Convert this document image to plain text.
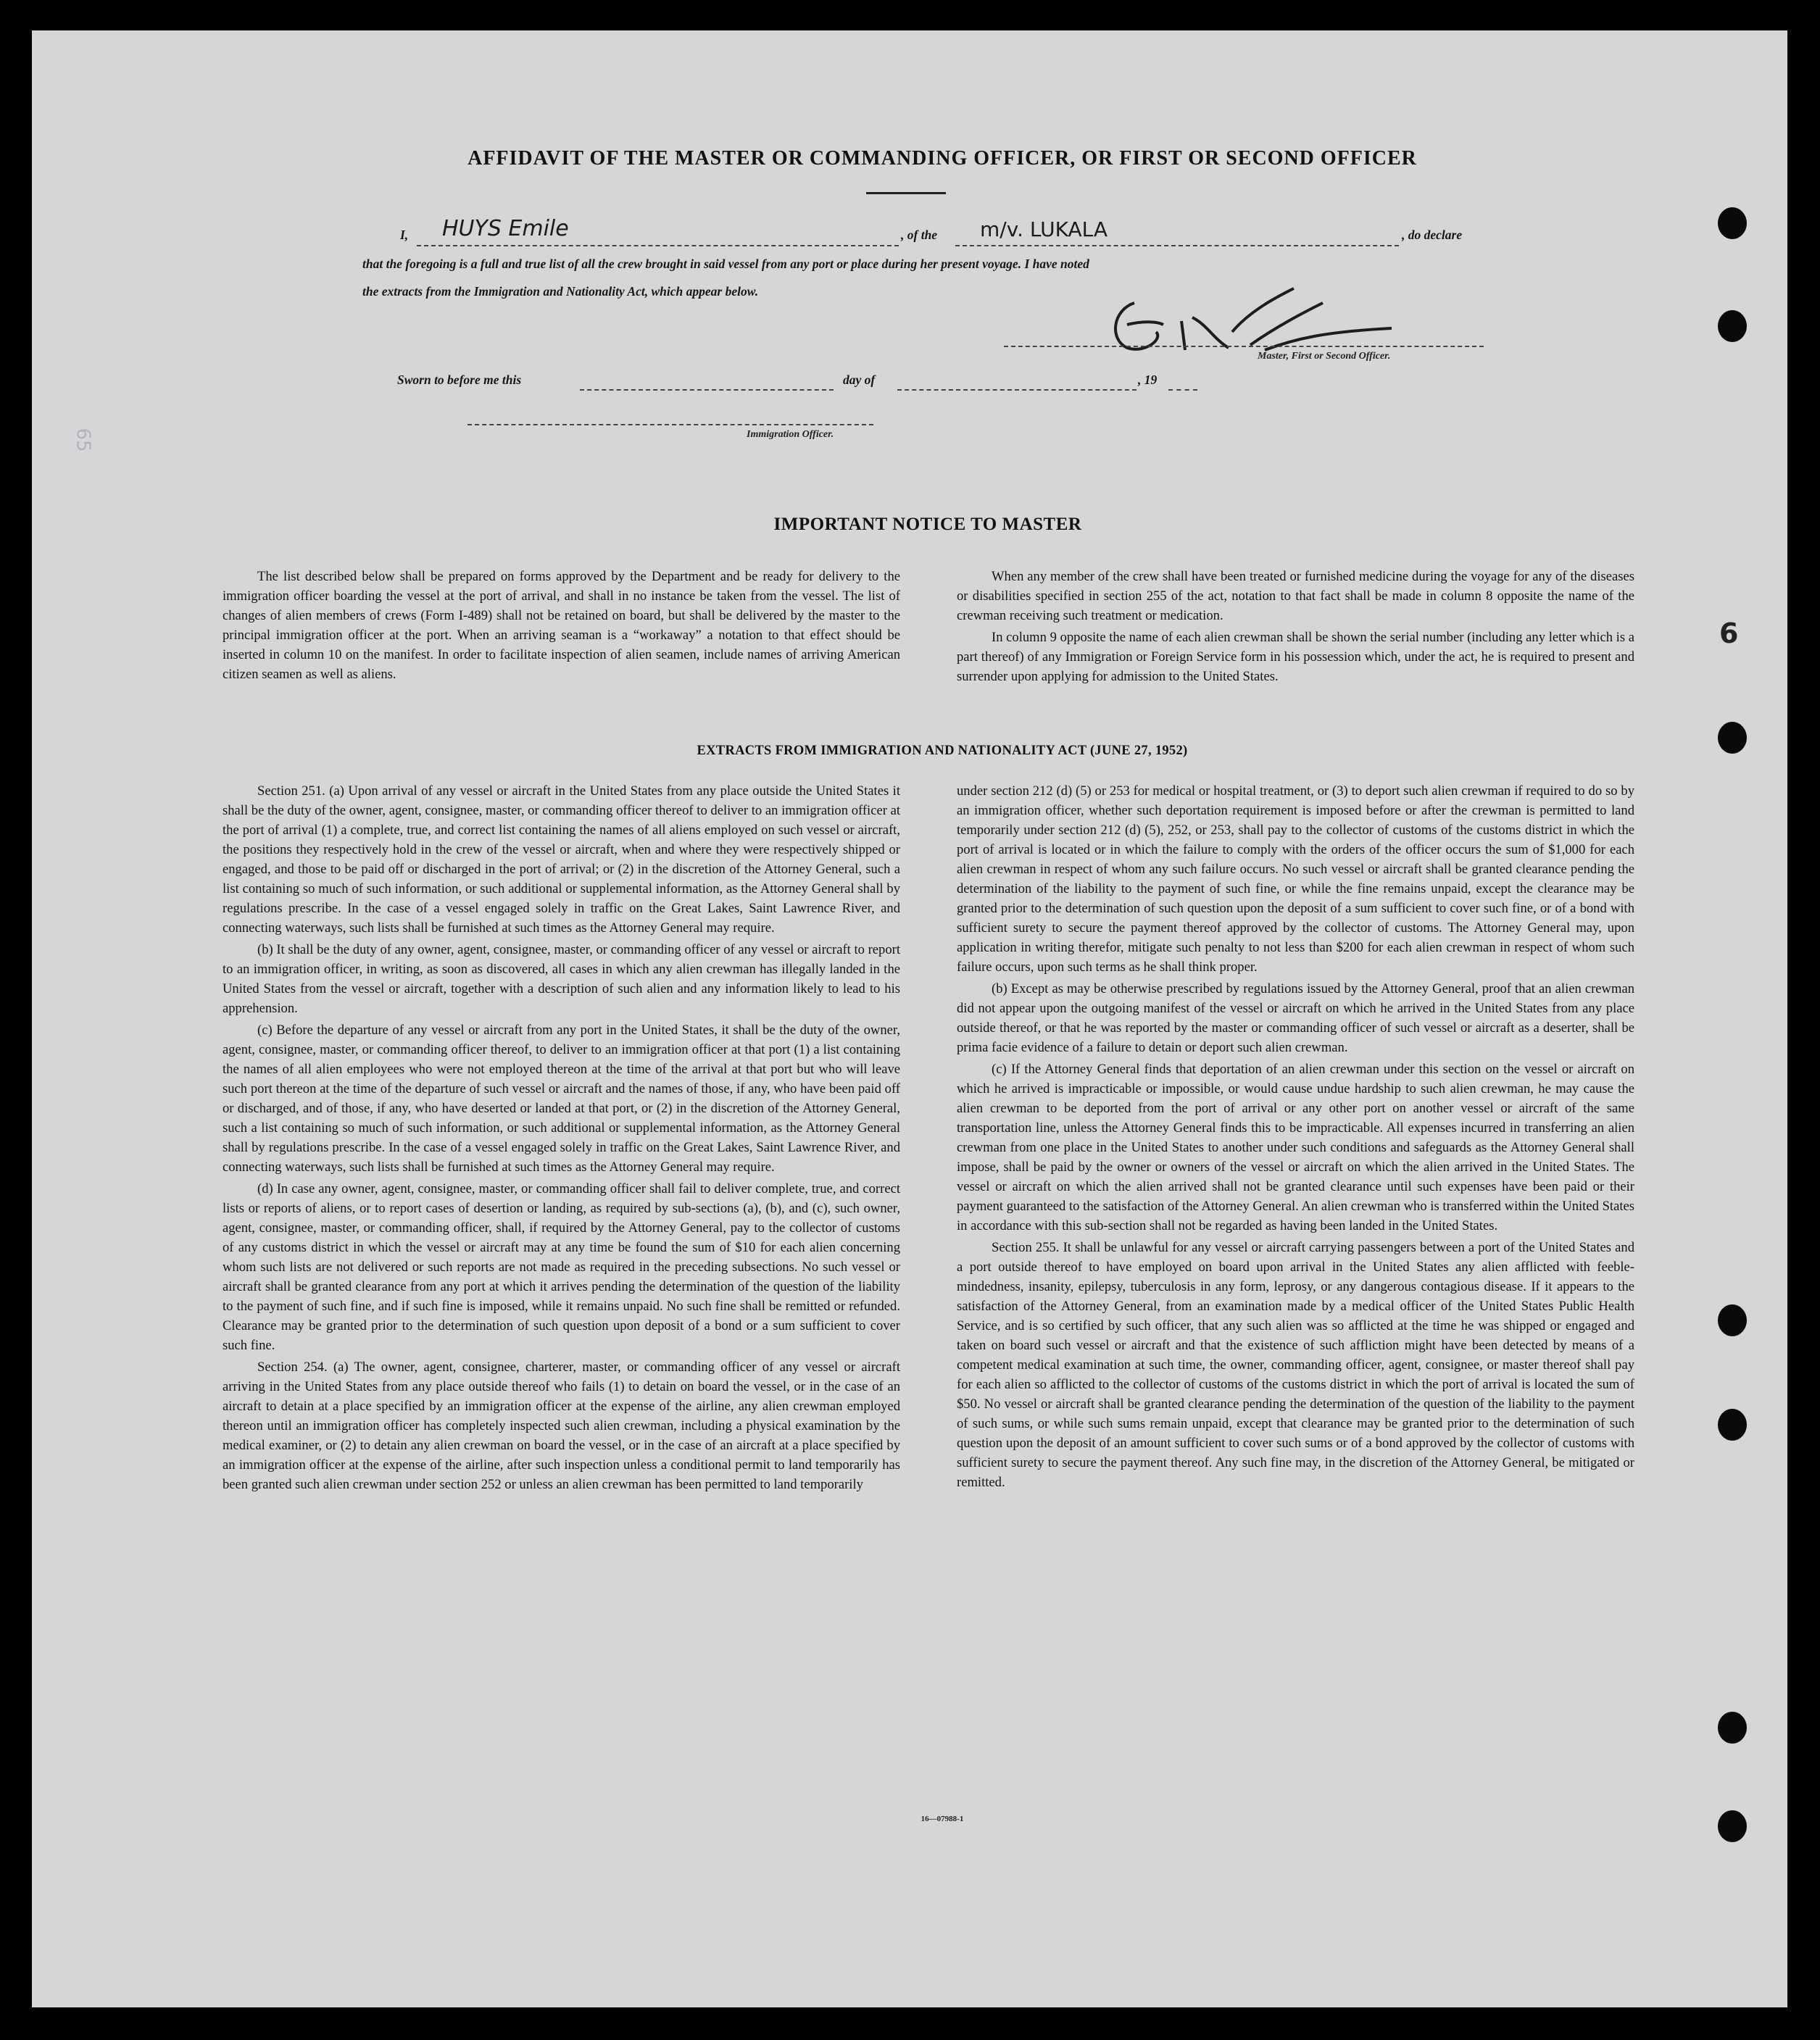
65
6
AFFIDAVIT OF THE MASTER OR COMMANDING OFFICER, OR FIRST OR SECOND OFFICER
I, HUYS Emile	, of the m/v. LUKALA	, do declare
that the foregoing is a full and true list of all the crew brought in said vessel from any port or place during her present voyage. I have noted
the extracts from the Immigration and Nationality Act, which appear below.
EH
Master, First or Second Officer.
Sworn to before me this	day of	, 19
Immigration Officer.
IMPORTANT NOTICE TO MASTER

The list described below shall be prepared on forms approved by the Department and be ready for delivery to the immigration officer boarding the vessel at the port of arrival, and shall in no instance be taken from the vessel. The list of changes of alien members of crews (Form I-489) shall not be retained on board, but shall be delivered by the master to the principal immigration officer at the port. When an arriving seaman is a “workaway” a notation to that effect should be inserted in column 10 on the manifest. In order to facilitate inspection of alien seamen, include names of arriving American citizen seamen as well as aliens.

When any member of the crew shall have been treated or furnished medicine during the voyage for any of the diseases or disabilities specified in section 255 of the act, notation to that fact shall be made in column 8 opposite the name of the crewman receiving such treatment or medication.

In column 9 opposite the name of each alien crewman shall be shown the serial number (including any letter which is a part thereof) of any Immigration or Foreign Service form in his possession which, under the act, he is required to present and surrender upon applying for admission to the United States.

EXTRACTS FROM IMMIGRATION AND NATIONALITY ACT (JUNE 27, 1952)

Section 251. (a) Upon arrival of any vessel or aircraft in the United States from any place outside the United States it shall be the duty of the owner, agent, consignee, master, or commanding officer thereof to deliver to an immigration officer at the port of arrival (1) a complete, true, and correct list containing the names of all aliens employed on such vessel or aircraft, the positions they respectively hold in the crew of the vessel or aircraft, when and where they were respectively shipped or engaged, and those to be paid off or discharged in the port of arrival; or (2) in the discretion of the Attorney General, such a list containing so much of such information, or such additional or supplemental information, as the Attorney General shall by regulations prescribe. In the case of a vessel engaged solely in traffic on the Great Lakes, Saint Lawrence River, and connecting waterways, such lists shall be furnished at such times as the Attorney General may require.

(b) It shall be the duty of any owner, agent, consignee, master, or commanding officer of any vessel or aircraft to report to an immigration officer, in writing, as soon as discovered, all cases in which any alien crewman has illegally landed in the United States from the vessel or aircraft, together with a description of such alien and any information likely to lead to his apprehension.

(c) Before the departure of any vessel or aircraft from any port in the United States, it shall be the duty of the owner, agent, consignee, master, or commanding officer thereof, to deliver to an immigration officer at that port (1) a list containing the names of all alien employees who were not employed thereon at the time of the arrival at that port but who will leave such port thereon at the time of the departure of such vessel or aircraft and the names of those, if any, who have been paid off or discharged, and of those, if any, who have deserted or landed at that port, or (2) in the discretion of the Attorney General, such a list containing so much of such information, or such additional or supplemental information, as the Attorney General shall by regulations prescribe. In the case of a vessel engaged solely in traffic on the Great Lakes, Saint Lawrence River, and connecting waterways, such lists shall be furnished at such times as the Attorney General may require.

(d) In case any owner, agent, consignee, master, or commanding officer shall fail to deliver complete, true, and correct lists or reports of aliens, or to report cases of desertion or landing, as required by sub-sections (a), (b), and (c), such owner, agent, consignee, master, or commanding officer, shall, if required by the Attorney General, pay to the collector of customs of any customs district in which the vessel or aircraft may at any time be found the sum of $10 for each alien concerning whom such lists are not delivered or such reports are not made as required in the preceding subsections. No such vessel or aircraft shall be granted clearance from any port at which it arrives pending the determination of the question of the liability to the payment of such fine, and if such fine is imposed, while it remains unpaid. No such fine shall be remitted or refunded. Clearance may be granted prior to the determination of such question upon deposit of a bond or a sum sufficient to cover such fine.

Section 254. (a) The owner, agent, consignee, charterer, master, or commanding officer of any vessel or aircraft arriving in the United States from any place outside thereof who fails (1) to detain on board the vessel, or in the case of an aircraft to detain at a place specified by an immigration officer at the expense of the airline, any alien crewman employed thereon until an immigration officer has completely inspected such alien crewman, including a physical examination by the medical examiner, or (2) to detain any alien crewman on board the vessel, or in the case of an aircraft at a place specified by an immigration officer at the expense of the airline, after such inspection unless a conditional permit to land temporarily has been granted such alien crewman under section 252 or unless an alien crewman has been permitted to land temporarily

under section 212 (d) (5) or 253 for medical or hospital treatment, or (3) to deport such alien crewman if required to do so by an immigration officer, whether such deportation requirement is imposed before or after the crewman is permitted to land temporarily under section 212 (d) (5), 252, or 253, shall pay to the collector of customs of the customs district in which the port of arrival is located or in which the failure to comply with the orders of the officer occurs the sum of $1,000 for each alien crewman in respect of whom any such failure occurs. No such vessel or aircraft shall be granted clearance pending the determination of the liability to the payment of such fine, or while the fine remains unpaid, except the clearance may be granted prior to the determination of such question upon the deposit of a sum sufficient to cover such fine, or of a bond with sufficient surety to secure the payment thereof approved by the collector of customs. The Attorney General may, upon application in writing therefor, mitigate such penalty to not less than $200 for each alien crewman in respect of whom such failure occurs, upon such terms as he shall think proper.

(b) Except as may be otherwise prescribed by regulations issued by the Attorney General, proof that an alien crewman did not appear upon the outgoing manifest of the vessel or aircraft on which he arrived in the United States from any place outside thereof, or that he was reported by the master or commanding officer of such vessel or aircraft as a deserter, shall be prima facie evidence of a failure to detain or deport such alien crewman.

(c) If the Attorney General finds that deportation of an alien crewman under this section on the vessel or aircraft on which he arrived is impracticable or impossible, or would cause undue hardship to such alien crewman, he may cause the alien crewman to be deported from the port of arrival or any other port on another vessel or aircraft of the same transportation line, unless the Attorney General finds this to be impracticable. All expenses incurred in transferring an alien crewman from one place in the United States to another under such conditions and safeguards as the Attorney General shall impose, shall be paid by the owner or owners of the vessel or aircraft on which the alien arrived in the United States. The vessel or aircraft on which the alien arrived shall not be granted clearance until such expenses have been paid or their payment guaranteed to the satisfaction of the Attorney General. An alien crewman who is transferred within the United States in accordance with this sub-section shall not be regarded as having been landed in the United States.

Section 255. It shall be unlawful for any vessel or aircraft carrying passengers between a port of the United States and a port outside thereof to have employed on board upon arrival in the United States any alien afflicted with feeble-mindedness, insanity, epilepsy, tuberculosis in any form, leprosy, or any dangerous contagious disease. If it appears to the satisfaction of the Attorney General, from an examination made by a medical officer of the United States Public Health Service, and is so certified by such officer, that any such alien was so afflicted at the time he was shipped or engaged and taken on board such vessel or aircraft and that the existence of such affliction might have been detected by means of a competent medical examination at such time, the owner, commanding officer, agent, consignee, or master thereof shall pay for each alien so afflicted to the collector of customs of the customs district in which the port of arrival is located the sum of $50. No vessel or aircraft shall be granted clearance pending the determination of the question of the liability to the payment of such sums, or while such sums remain unpaid, except that clearance may be granted prior to the determination of such question upon the deposit of an amount sufficient to cover such sums or of a bond approved by the collector of customs with sufficient surety to secure the payment thereof. Any such fine may, in the discretion of the Attorney General, be mitigated or remitted.

16—07988-1
